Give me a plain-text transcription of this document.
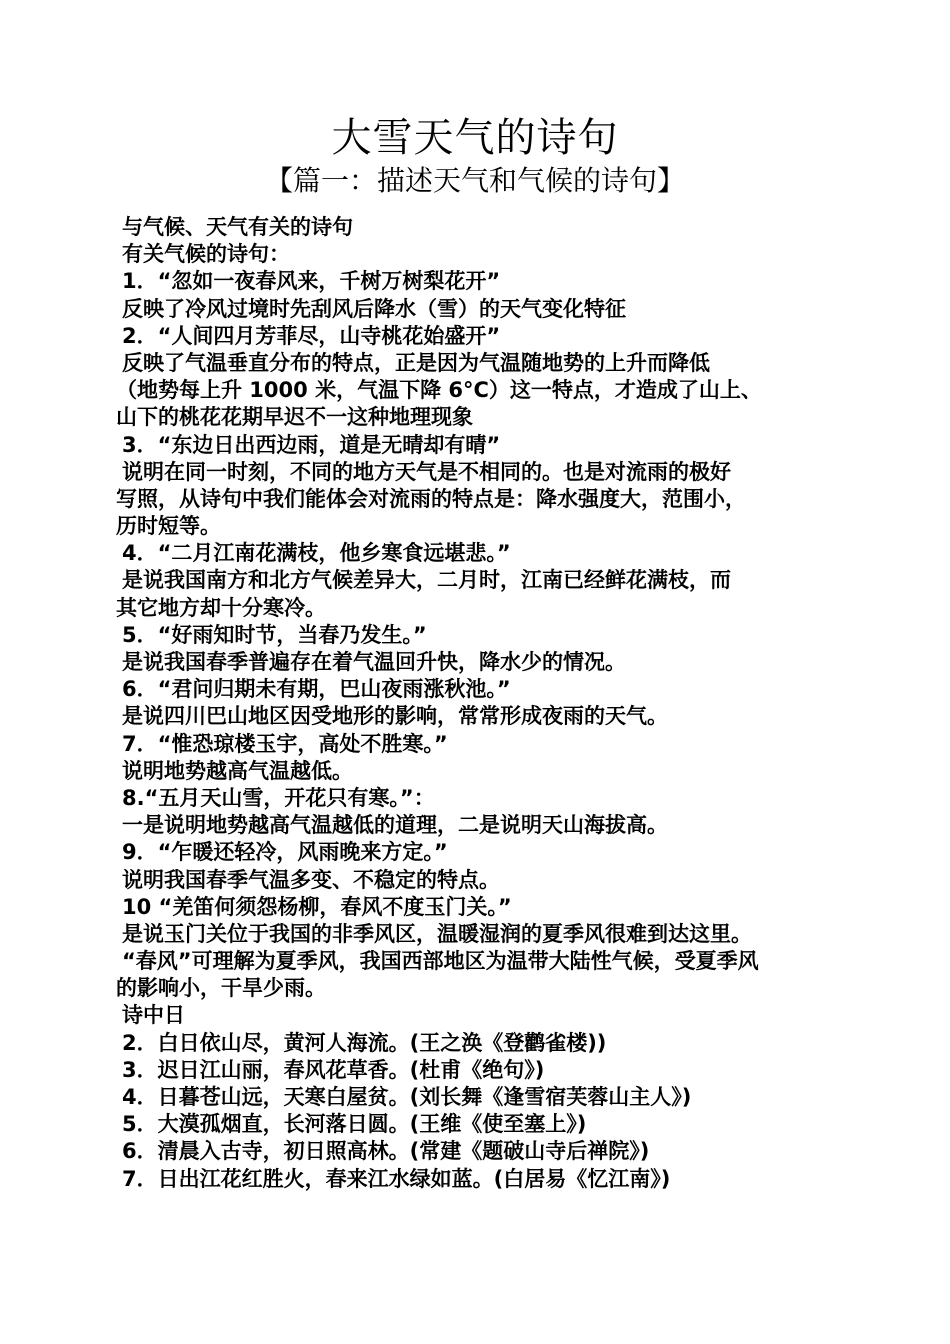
大雪天气的诗句
【篇一：描述天气和气候的诗句】
与气候、天气有关的诗句
有关气候的诗句：
1．“忽如一夜春风来，千树万树梨花开”
反映了冷风过境时先刮风后降水（雪）的天气变化特征
2．“人间四月芳菲尽，山寺桃花始盛开”
反映了气温垂直分布的特点，正是因为气温随地势的上升而降低
（地势每上升 1000 米，气温下降 6°C）这一特点，才造成了山上、
山下的桃花花期早迟不一这种地理现象
3．“东边日出西边雨，道是无晴却有晴”
说明在同一时刻，不同的地方天气是不相同的。也是对流雨的极好
写照，从诗句中我们能体会对流雨的特点是：降水强度大，范围小，
历时短等。
4．“二月江南花满枝，他乡寒食远堪悲。”
是说我国南方和北方气候差异大，二月时，江南已经鲜花满枝，而
其它地方却十分寒冷。
5．“好雨知时节，当春乃发生。”
是说我国春季普遍存在着气温回升快，降水少的情况。
6．“君问归期未有期，巴山夜雨涨秋池。”
是说四川巴山地区因受地形的影响，常常形成夜雨的天气。
7．“惟恐琼楼玉宇，高处不胜寒。”
说明地势越高气温越低。
8.“五月天山雪，开花只有寒。”：
一是说明地势越高气温越低的道理，二是说明天山海拔高。
9．“乍暖还轻冷，风雨晚来方定。”
说明我国春季气温多变、不稳定的特点。
10 “羌笛何须怨杨柳，春风不度玉门关。”
是说玉门关位于我国的非季风区，温暖湿润的夏季风很难到达这里。
“春风”可理解为夏季风，我国西部地区为温带大陆性气候，受夏季风
的影响小，干旱少雨。
诗中日
2．白日依山尽，黄河人海流。(王之涣《登鹳雀楼))
3．迟日江山丽，春风花草香。(杜甫《绝句》)
4．日暮苍山远，天寒白屋贫。(刘长舞《逢雪宿芙蓉山主人》)
5．大漠孤烟直，长河落日圆。(王维《使至塞上》)
6．清晨入古寺，初日照高林。(常建《题破山寺后禅院》)
7．日出江花红胜火，春来江水绿如蓝。(白居易《忆江南》)
